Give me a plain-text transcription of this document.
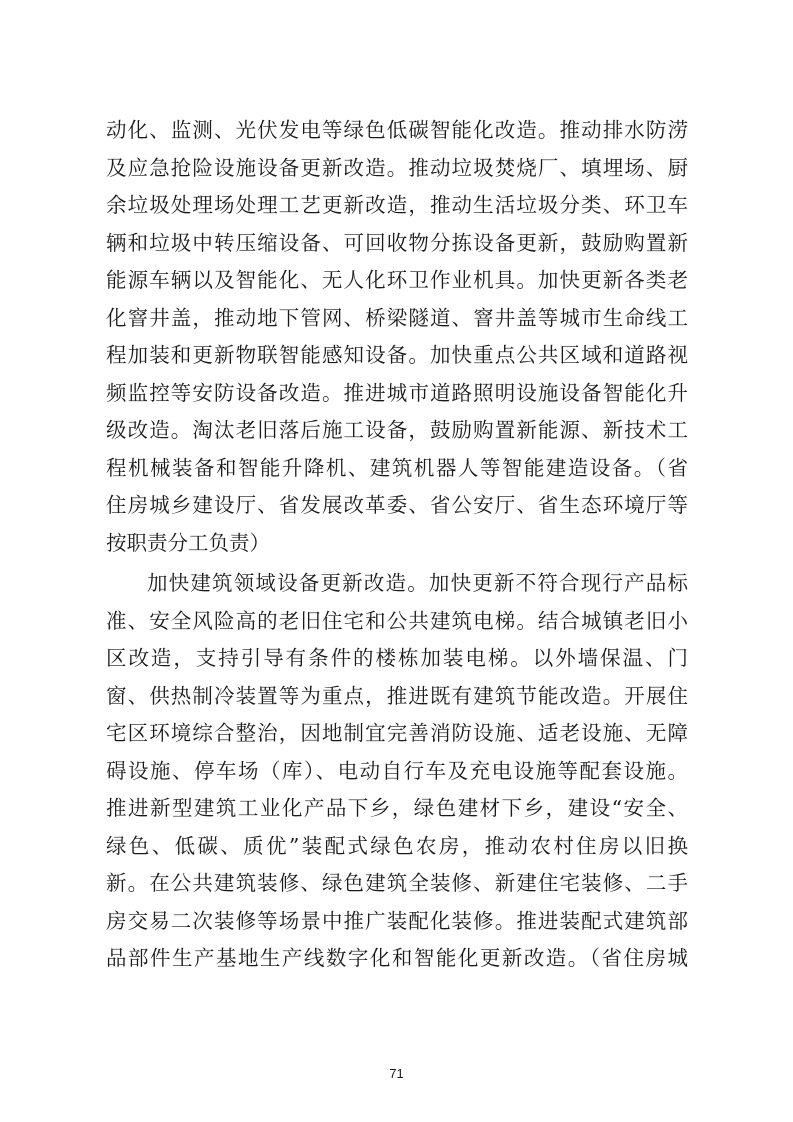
动化、监测、光伏发电等绿色低碳智能化改造。推动排水防涝
及应急抢险设施设备更新改造。推动垃圾焚烧厂、填埋场、厨
余垃圾处理场处理工艺更新改造，推动生活垃圾分类、环卫车
辆和垃圾中转压缩设备、可回收物分拣设备更新，鼓励购置新
能源车辆以及智能化、无人化环卫作业机具。加快更新各类老
化窨井盖，推动地下管网、桥梁隧道、窨井盖等城市生命线工
程加装和更新物联智能感知设备。加快重点公共区域和道路视
频监控等安防设备改造。推进城市道路照明设施设备智能化升
级改造。淘汰老旧落后施工设备，鼓励购置新能源、新技术工
程机械装备和智能升降机、建筑机器人等智能建造设备。（省
住房城乡建设厅、省发展改革委、省公安厅、省生态环境厅等
按职责分工负责）
加快建筑领域设备更新改造。加快更新不符合现行产品标
准、安全风险高的老旧住宅和公共建筑电梯。结合城镇老旧小
区改造，支持引导有条件的楼栋加装电梯。以外墙保温、门
窗、供热制冷装置等为重点，推进既有建筑节能改造。开展住
宅区环境综合整治，因地制宜完善消防设施、适老设施、无障
碍设施、停车场（库）、电动自行车及充电设施等配套设施。
推进新型建筑工业化产品下乡，绿色建材下乡，建设“安全、
绿色、低碳、质优”装配式绿色农房，推动农村住房以旧换
新。在公共建筑装修、绿色建筑全装修、新建住宅装修、二手
房交易二次装修等场景中推广装配化装修。推进装配式建筑部
品部件生产基地生产线数字化和智能化更新改造。（省住房城
71
